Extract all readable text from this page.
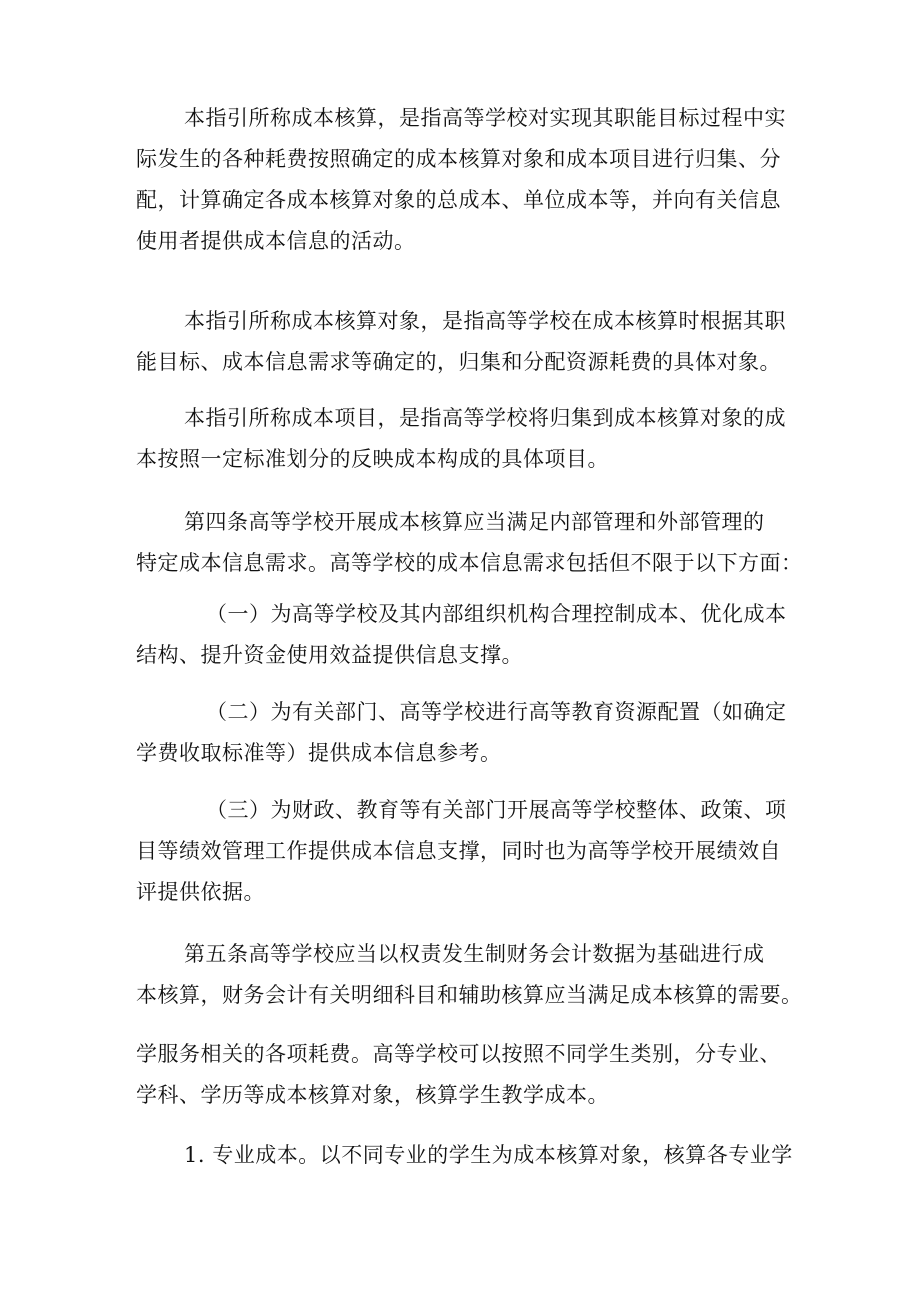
本指引所称成本核算，是指高等学校对实现其职能目标过程中实
际发生的各种耗费按照确定的成本核算对象和成本项目进行归集、分
配，计算确定各成本核算对象的总成本、单位成本等，并向有关信息
使用者提供成本信息的活动。
本指引所称成本核算对象，是指高等学校在成本核算时根据其职
能目标、成本信息需求等确定的，归集和分配资源耗费的具体对象。
本指引所称成本项目，是指高等学校将归集到成本核算对象的成
本按照一定标准划分的反映成本构成的具体项目。
第四条高等学校开展成本核算应当满足内部管理和外部管理的
特定成本信息需求。高等学校的成本信息需求包括但不限于以下方面：
（一）为高等学校及其内部组织机构合理控制成本、优化成本
结构、提升资金使用效益提供信息支撑。
（二）为有关部门、高等学校进行高等教育资源配置（如确定
学费收取标准等）提供成本信息参考。
（三）为财政、教育等有关部门开展高等学校整体、政策、项
目等绩效管理工作提供成本信息支撑，同时也为高等学校开展绩效自
评提供依据。
第五条高等学校应当以权责发生制财务会计数据为基础进行成
本核算，财务会计有关明细科目和辅助核算应当满足成本核算的需要。
学服务相关的各项耗费。高等学校可以按照不同学生类别，分专业、
学科、学历等成本核算对象，核算学生教学成本。
1. 专业成本。以不同专业的学生为成本核算对象，核算各专业学
